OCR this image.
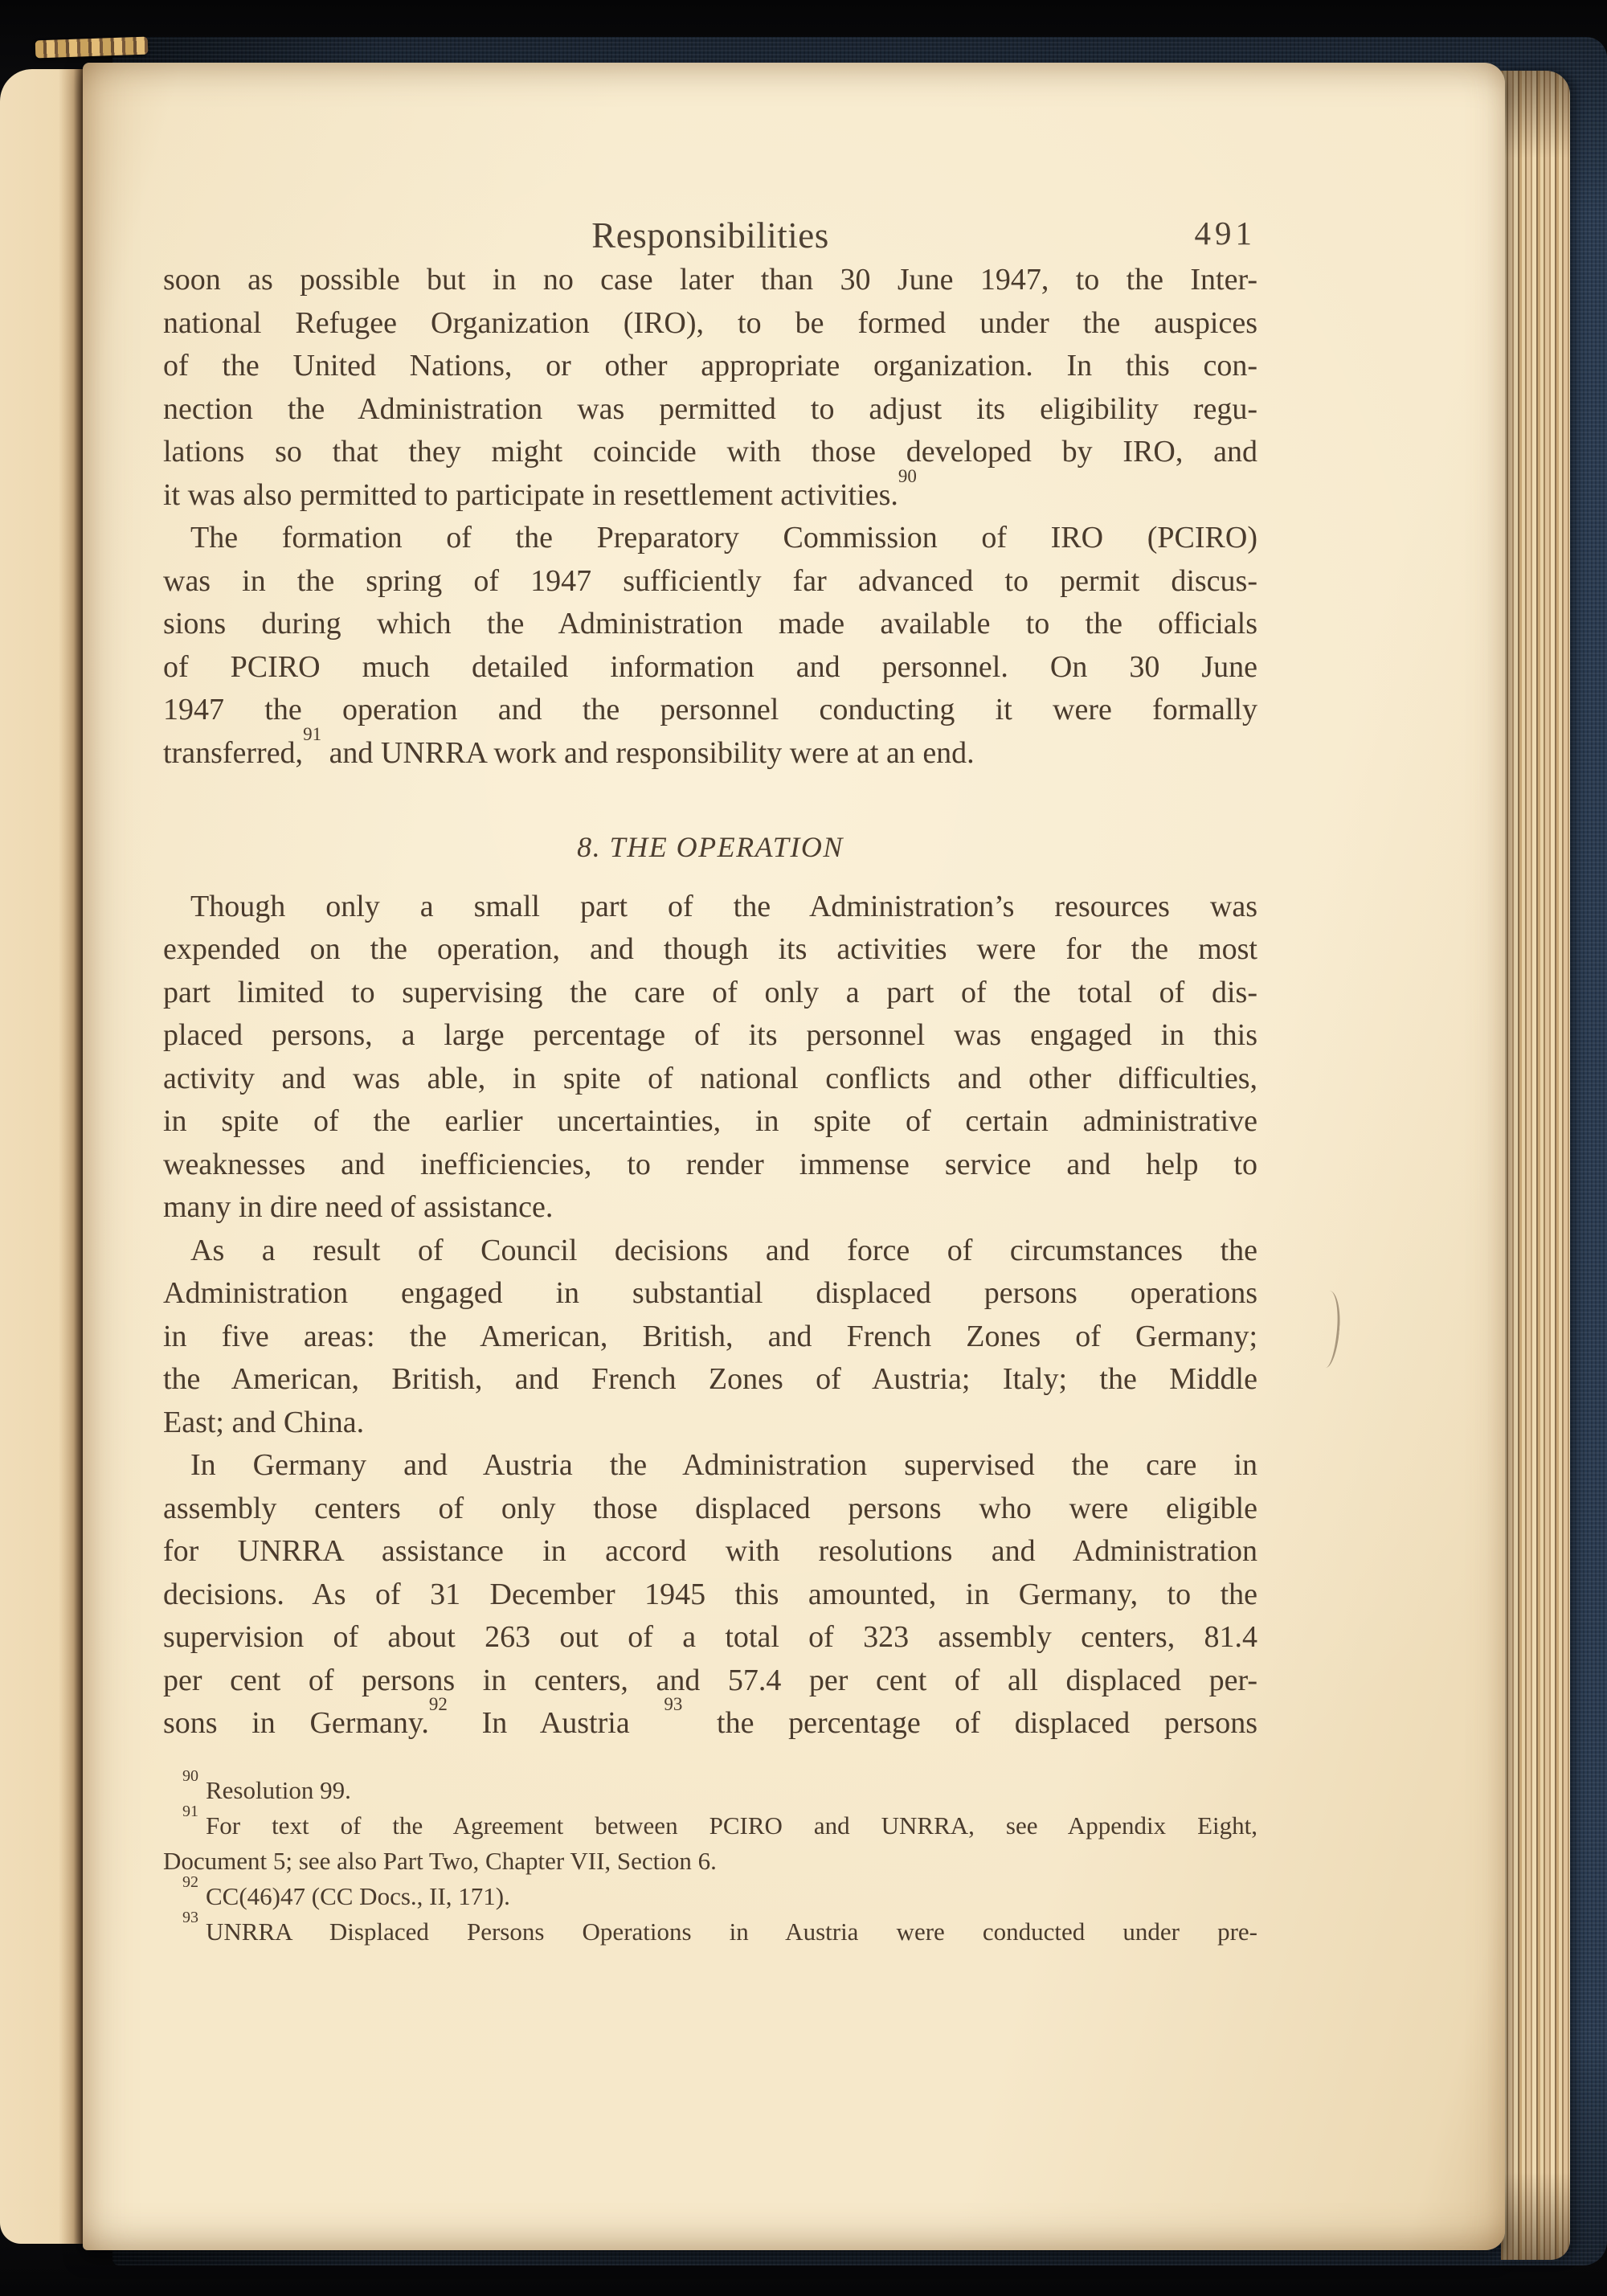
Responsibilities	491
soon as possible but in no case later than 30 June 1947, to the Inter-
national Refugee Organization (IRO), to be formed under the auspices
of the United Nations, or other appropriate organization. In this con-
nection the Administration was permitted to adjust its eligibility regu-
lations so that they might coincide with those developed by IRO, and
it was also permitted to participate in resettlement activities.$^{90}$
The formation of the Preparatory Commission of IRO (PCIRO)
was in the spring of 1947 sufficiently far advanced to permit discus-
sions during which the Administration made available to the officials
of PCIRO much detailed information and personnel. On 30 June
1947 the operation and the personnel conducting it were formally
transferred,$^{91}$ and UNRRA work and responsibility were at an end.
8. THE OPERATION
Though only a small part of the Administration’s resources was
expended on the operation, and though its activities were for the most
part limited to supervising the care of only a part of the total of dis-
placed persons, a large percentage of its personnel was engaged in this
activity and was able, in spite of national conflicts and other difficulties,
in spite of the earlier uncertainties, in spite of certain administrative
weaknesses and inefficiencies, to render immense service and help to
many in dire need of assistance.
As a result of Council decisions and force of circumstances the
Administration engaged in substantial displaced persons operations
in five areas: the American, British, and French Zones of Germany;
the American, British, and French Zones of Austria; Italy; the Middle
East; and China.
In Germany and Austria the Administration supervised the care in
assembly centers of only those displaced persons who were eligible
for UNRRA assistance in accord with resolutions and Administration
decisions. As of 31 December 1945 this amounted, in Germany, to the
supervision of about 263 out of a total of 323 assembly centers, 81.4
per cent of persons in centers, and 57.4 per cent of all displaced per-
sons in Germany.$^{92}$ In Austria $^{93}$ the percentage of displaced persons
$^{90}$ Resolution 99.
$^{91}$ For text of the Agreement between PCIRO and UNRRA, see Appendix Eight,
Document 5; see also Part Two, Chapter VII, Section 6.
$^{92}$ CC(46)47 (CC Docs., II, 171).
$^{93}$ UNRRA Displaced Persons Operations in Austria were conducted under pre-
